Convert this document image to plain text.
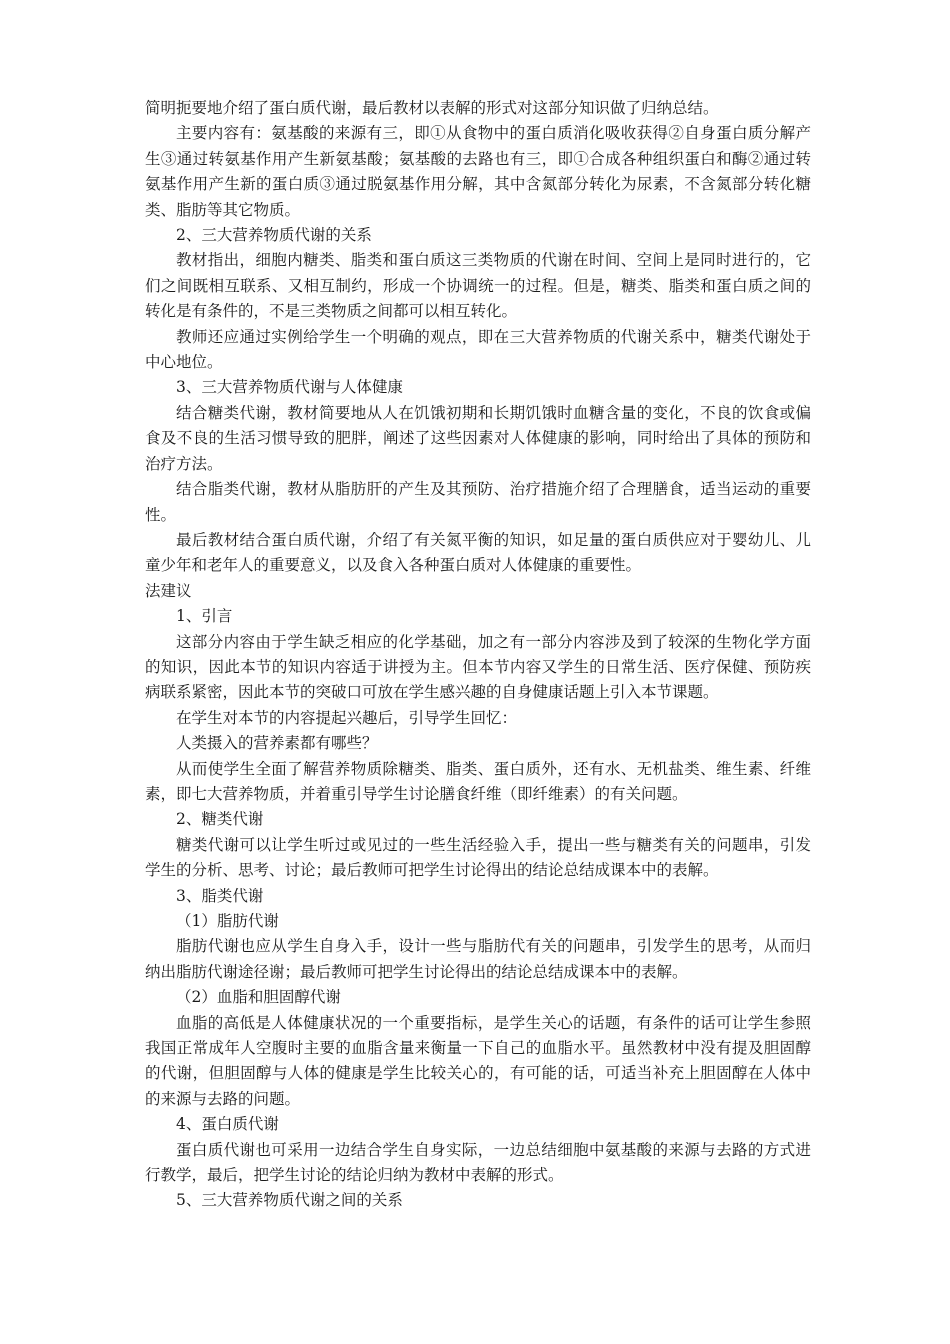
简明扼要地介绍了蛋白质代谢，最后教材以表解的形式对这部分知识做了归纳总结。

主要内容有：氨基酸的来源有三，即①从食物中的蛋白质消化吸收获得②自身蛋白质分解产生③通过转氨基作用产生新氨基酸；氨基酸的去路也有三，即①合成各种组织蛋白和酶②通过转氨基作用产生新的蛋白质③通过脱氨基作用分解，其中含氮部分转化为尿素，不含氮部分转化糖类、脂肪等其它物质。

2、三大营养物质代谢的关系

教材指出，细胞内糖类、脂类和蛋白质这三类物质的代谢在时间、空间上是同时进行的，它们之间既相互联系、又相互制约，形成一个协调统一的过程。但是，糖类、脂类和蛋白质之间的转化是有条件的，不是三类物质之间都可以相互转化。

教师还应通过实例给学生一个明确的观点，即在三大营养物质的代谢关系中，糖类代谢处于中心地位。

3、三大营养物质代谢与人体健康

结合糖类代谢，教材简要地从人在饥饿初期和长期饥饿时血糖含量的变化，不良的饮食或偏食及不良的生活习惯导致的肥胖，阐述了这些因素对人体健康的影响，同时给出了具体的预防和治疗方法。

结合脂类代谢，教材从脂肪肝的产生及其预防、治疗措施介绍了合理膳食，适当运动的重要性。

最后教材结合蛋白质代谢，介绍了有关氮平衡的知识，如足量的蛋白质供应对于婴幼儿、儿童少年和老年人的重要意义，以及食入各种蛋白质对人体健康的重要性。

法建议

1、引言

这部分内容由于学生缺乏相应的化学基础，加之有一部分内容涉及到了较深的生物化学方面的知识，因此本节的知识内容适于讲授为主。但本节内容又学生的日常生活、医疗保健、预防疾病联系紧密，因此本节的突破口可放在学生感兴趣的自身健康话题上引入本节课题。

在学生对本节的内容提起兴趣后，引导学生回忆：

人类摄入的营养素都有哪些？

从而使学生全面了解营养物质除糖类、脂类、蛋白质外，还有水、无机盐类、维生素、纤维素，即七大营养物质，并着重引导学生讨论膳食纤维（即纤维素）的有关问题。

2、糖类代谢

糖类代谢可以让学生听过或见过的一些生活经验入手，提出一些与糖类有关的问题串，引发学生的分析、思考、讨论；最后教师可把学生讨论得出的结论总结成课本中的表解。

3、脂类代谢

（1）脂肪代谢

脂肪代谢也应从学生自身入手，设计一些与脂肪代有关的问题串，引发学生的思考，从而归纳出脂肪代谢途径谢；最后教师可把学生讨论得出的结论总结成课本中的表解。

（2）血脂和胆固醇代谢

血脂的高低是人体健康状况的一个重要指标，是学生关心的话题，有条件的话可让学生参照我国正常成年人空腹时主要的血脂含量来衡量一下自己的血脂水平。虽然教材中没有提及胆固醇的代谢，但胆固醇与人体的健康是学生比较关心的，有可能的话，可适当补充上胆固醇在人体中的来源与去路的问题。

4、蛋白质代谢

蛋白质代谢也可采用一边结合学生自身实际，一边总结细胞中氨基酸的来源与去路的方式进行教学，最后，把学生讨论的结论归纳为教材中表解的形式。

5、三大营养物质代谢之间的关系
